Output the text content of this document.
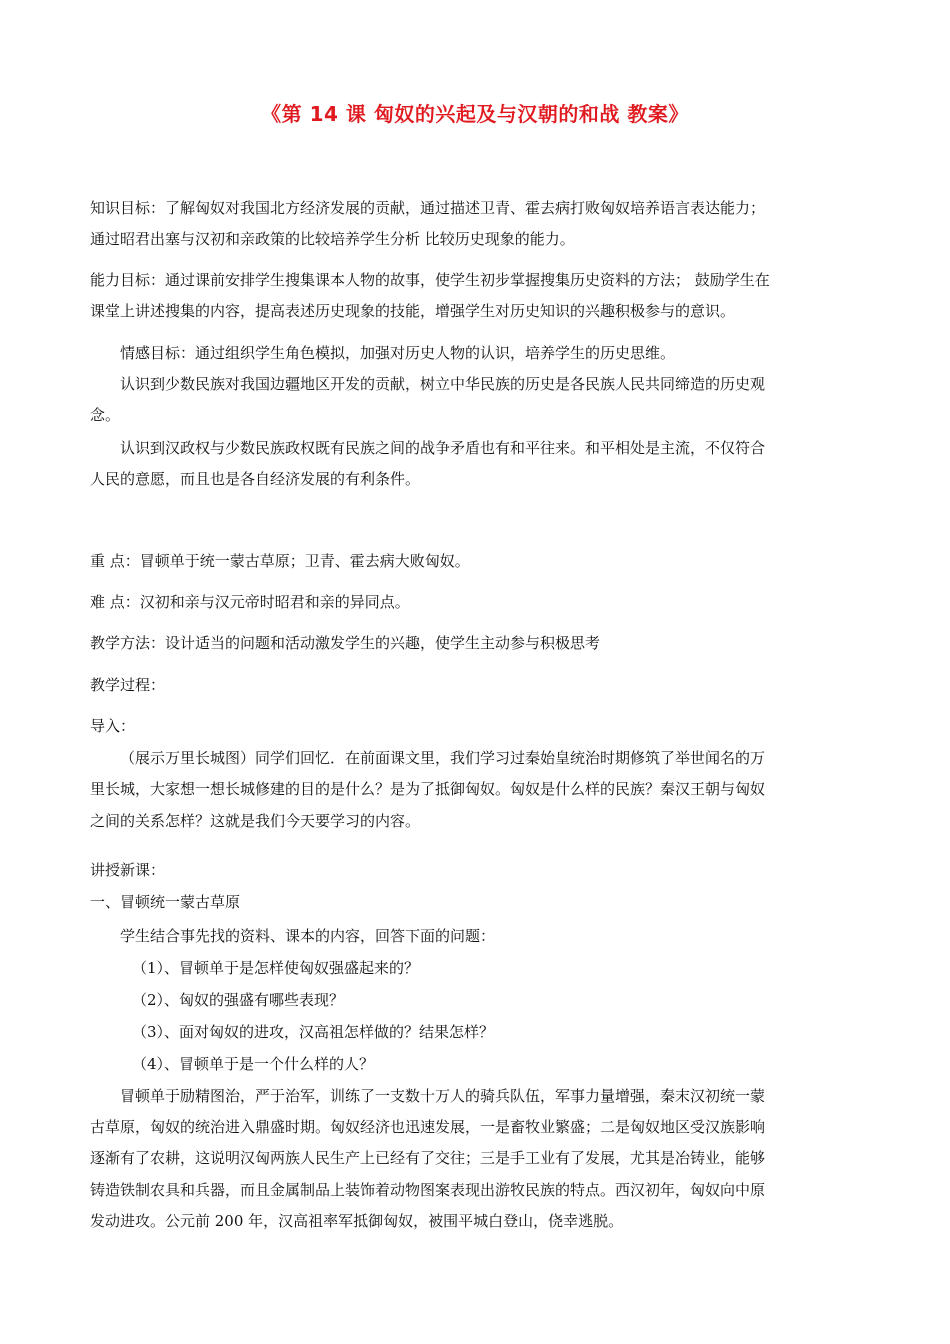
《第 14 课 匈奴的兴起及与汉朝的和战 教案》
知识目标：了解匈奴对我国北方经济发展的贡献，通过描述卫青、霍去病打败匈奴培养语言表达能力；
通过昭君出塞与汉初和亲政策的比较培养学生分析 比较历史现象的能力。
能力目标：通过课前安排学生搜集课本人物的故事，使学生初步掌握搜集历史资料的方法； 鼓励学生在
课堂上讲述搜集的内容，提高表述历史现象的技能，增强学生对历史知识的兴趣积极参与的意识。
情感目标：通过组织学生角色模拟，加强对历史人物的认识，培养学生的历史思维。
认识到少数民族对我国边疆地区开发的贡献，树立中华民族的历史是各民族人民共同缔造的历史观
念。
认识到汉政权与少数民族政权既有民族之间的战争矛盾也有和平往来。和平相处是主流，不仅符合
人民的意愿，而且也是各自经济发展的有利条件。
重 点：冒顿单于统一蒙古草原；卫青、霍去病大败匈奴。
难 点：汉初和亲与汉元帝时昭君和亲的异同点。
教学方法：设计适当的问题和活动激发学生的兴趣，使学生主动参与积极思考
教学过程：
导入：
（展示万里长城图）同学们回忆．在前面课文里，我们学习过秦始皇统治时期修筑了举世闻名的万
里长城，大家想一想长城修建的目的是什么？是为了抵御匈奴。匈奴是什么样的民族？秦汉王朝与匈奴
之间的关系怎样？这就是我们今天要学习的内容。
讲授新课：
一、冒顿统一蒙古草原
学生结合事先找的资料、课本的内容，回答下面的问题：
（1）、冒顿单于是怎样使匈奴强盛起来的？
（2）、匈奴的强盛有哪些表现？
（3）、面对匈奴的进攻，汉高祖怎样做的？结果怎样？
（4）、冒顿单于是一个什么样的人？
冒顿单于励精图治，严于治军，训练了一支数十万人的骑兵队伍，军事力量增强，秦末汉初统一蒙
古草原，匈奴的统治进入鼎盛时期。匈奴经济也迅速发展，一是畜牧业繁盛；二是匈奴地区受汉族影响
逐渐有了农耕，这说明汉匈两族人民生产上已经有了交往；三是手工业有了发展，尤其是冶铸业，能够
铸造铁制农具和兵器，而且金属制品上装饰着动物图案表现出游牧民族的特点。西汉初年，匈奴向中原
发动进攻。公元前 200 年，汉高祖率军抵御匈奴，被围平城白登山，侥幸逃脱。
